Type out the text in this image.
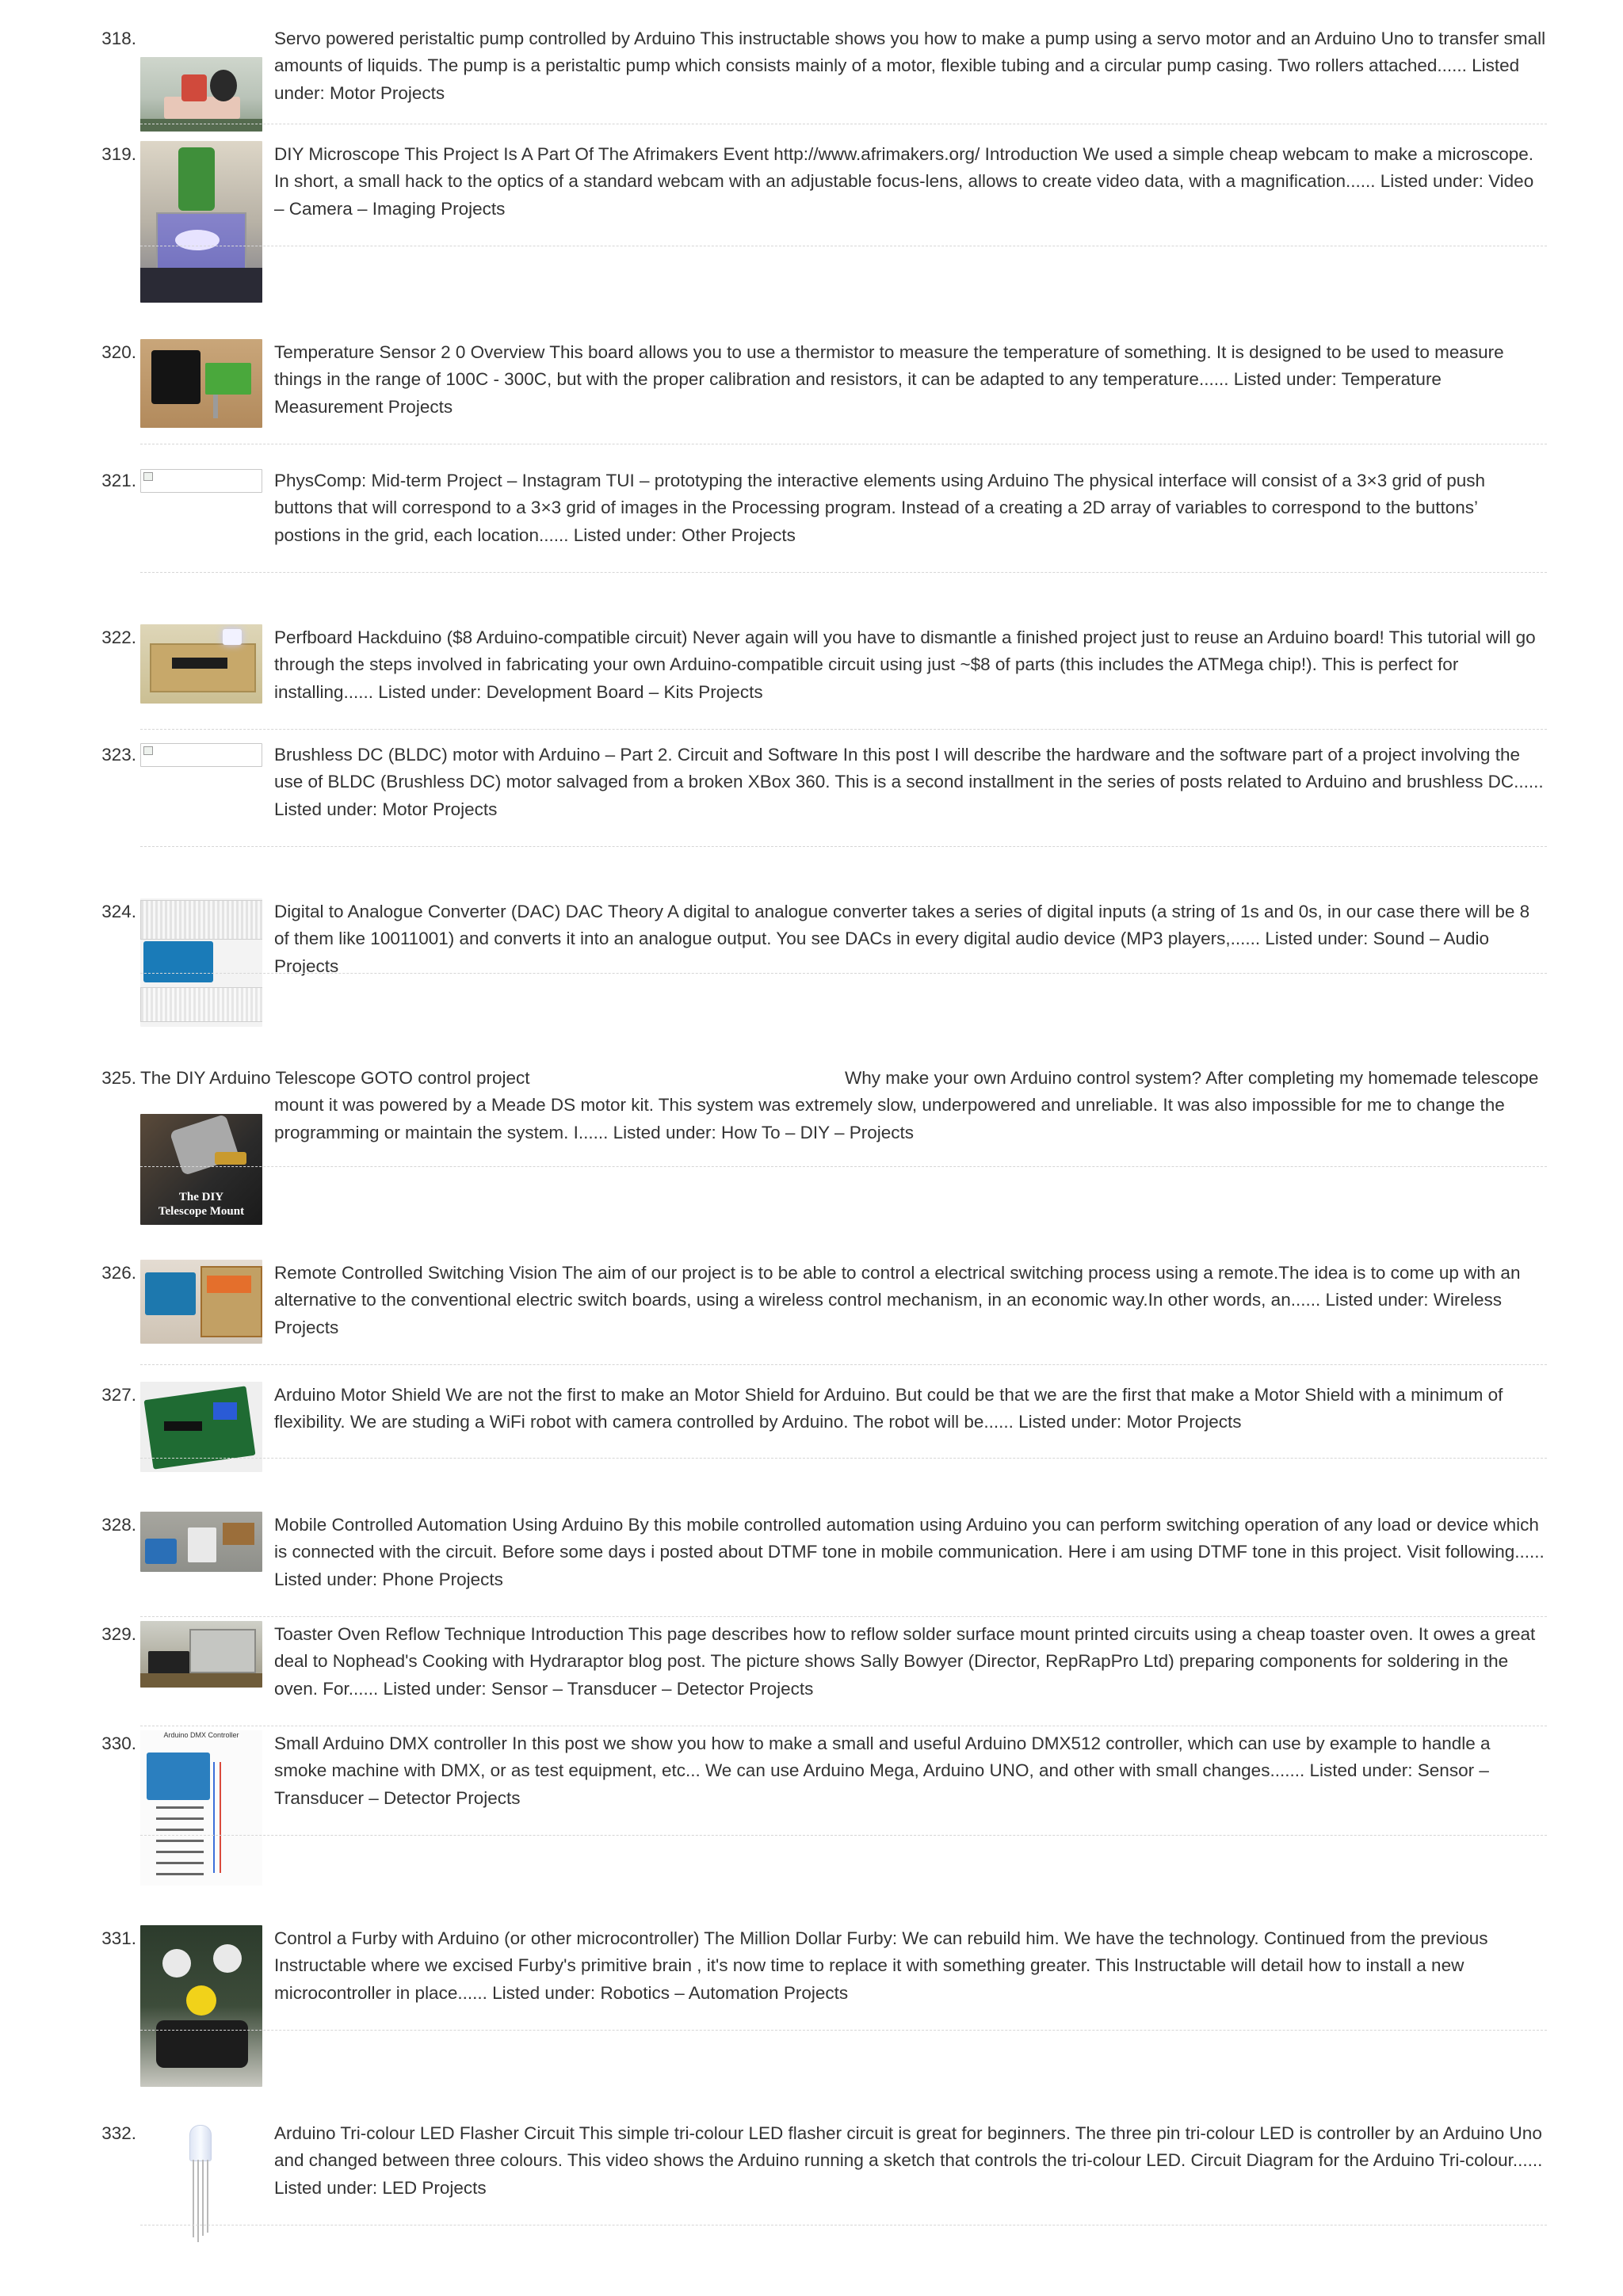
318.	Servo powered peristaltic pump controlled by Arduino This instructable shows you how to make a pump using a servo motor and an Arduino Uno to transfer small amounts of liquids. The pump is a peristaltic pump which consists mainly of a motor, flexible tubing and a circular pump casing. Two rollers attached...... Listed under: Motor Projects
319.	DIY Microscope This Project Is A Part Of The Afrimakers Event http://www.afrimakers.org/ Introduction We used a simple cheap webcam to make a microscope. In short, a small hack to the optics of a standard webcam with an adjustable focus-lens, allows to create video data, with a magnification...... Listed under: Video – Camera – Imaging Projects
320.	Temperature Sensor 2 0 Overview This board allows you to use a thermistor to measure the temperature of something. It is designed to be used to measure things in the range of 100C - 300C, but with the proper calibration and resistors, it can be adapted to any temperature...... Listed under: Temperature Measurement Projects
321.	PhysComp: Mid-term Project – Instagram TUI – prototyping the interactive elements using Arduino The physical interface will consist of a 3×3 grid of push buttons that will correspond to a 3×3 grid of images in the Processing program. Instead of a creating a 2D array of variables to correspond to the buttons’ postions in the grid, each location...... Listed under: Other Projects
322.	Perfboard Hackduino ($8 Arduino-compatible circuit) Never again will you have to dismantle a finished project just to reuse an Arduino board! This tutorial will go through the steps involved in fabricating your own Arduino-compatible circuit using just ~$8 of parts (this includes the ATMega chip!). This is perfect for installing...... Listed under: Development Board – Kits Projects
323.	Brushless DC (BLDC) motor with Arduino – Part 2. Circuit and Software In this post I will describe the hardware and the software part of a project involving the use of BLDC (Brushless DC) motor salvaged from a broken XBox 360. This is a second installment in the series of posts related to Arduino and brushless DC...... Listed under: Motor Projects
324.	Digital to Analogue Converter (DAC) DAC Theory A digital to analogue converter takes a series of digital inputs (a string of 1s and 0s, in our case there will be 8 of them like 10011001) and converts it into an analogue output. You see DACs in every digital audio device (MP3 players,...... Listed under: Sound – Audio Projects
325. The DIY Arduino Telescope GOTO control project	Why make your own Arduino control system? After completing my homemade telescope mount it was powered by a Meade DS motor kit. This system was extremely slow, underpowered and unreliable. It was also impossible for me to change the programming or maintain the system. I...... Listed under: How To – DIY – Projects
The DIY
Telescope Mount
326.	Remote Controlled Switching Vision The aim of our project is to be able to control a electrical switching process using a remote.The idea is to come up with an alternative to the conventional electric switch boards, using a wireless control mechanism, in an economic way.In other words, an...... Listed under: Wireless Projects
327.	Arduino Motor Shield We are not the first to make an Motor Shield for Arduino. But could be that we are the first that make a Motor Shield with a minimum of flexibility. We are studing a WiFi robot with camera controlled by Arduino. The robot will be...... Listed under: Motor Projects
328.	Mobile Controlled Automation Using Arduino By this mobile controlled automation using Arduino you can perform switching operation of any load or device which is connected with the circuit. Before some days i posted about DTMF tone in mobile communication. Here i am using DTMF tone in this project. Visit following...... Listed under: Phone Projects
329.	Toaster Oven Reflow Technique Introduction This page describes how to reflow solder surface mount printed circuits using a cheap toaster oven. It owes a great deal to Nophead's Cooking with Hydraraptor blog post. The picture shows Sally Bowyer (Director, RepRapPro Ltd) preparing components for soldering in the oven. For...... Listed under: Sensor – Transducer – Detector Projects
330.	Arduino DMX Controller	Small Arduino DMX controller In this post we show you how to make a small and useful Arduino DMX512 controller, which can use by example to handle a smoke machine with DMX, or as test equipment, etc... We can use Arduino Mega, Arduino UNO, and other with small changes....... Listed under: Sensor – Transducer – Detector Projects
331.	Control a Furby with Arduino (or other microcontroller) The Million Dollar Furby: We can rebuild him. We have the technology. Continued from the previous Instructable where we excised Furby's primitive brain , it's now time to replace it with something greater. This Instructable will detail how to install a new microcontroller in place...... Listed under: Robotics – Automation Projects
332.	Arduino Tri-colour LED Flasher Circuit This simple tri-colour LED flasher circuit is great for beginners. The three pin tri-colour LED is controller by an Arduino Uno and changed between three colours. This video shows the Arduino running a sketch that controls the tri-colour LED. Circuit Diagram for the Arduino Tri-colour...... Listed under: LED Projects
